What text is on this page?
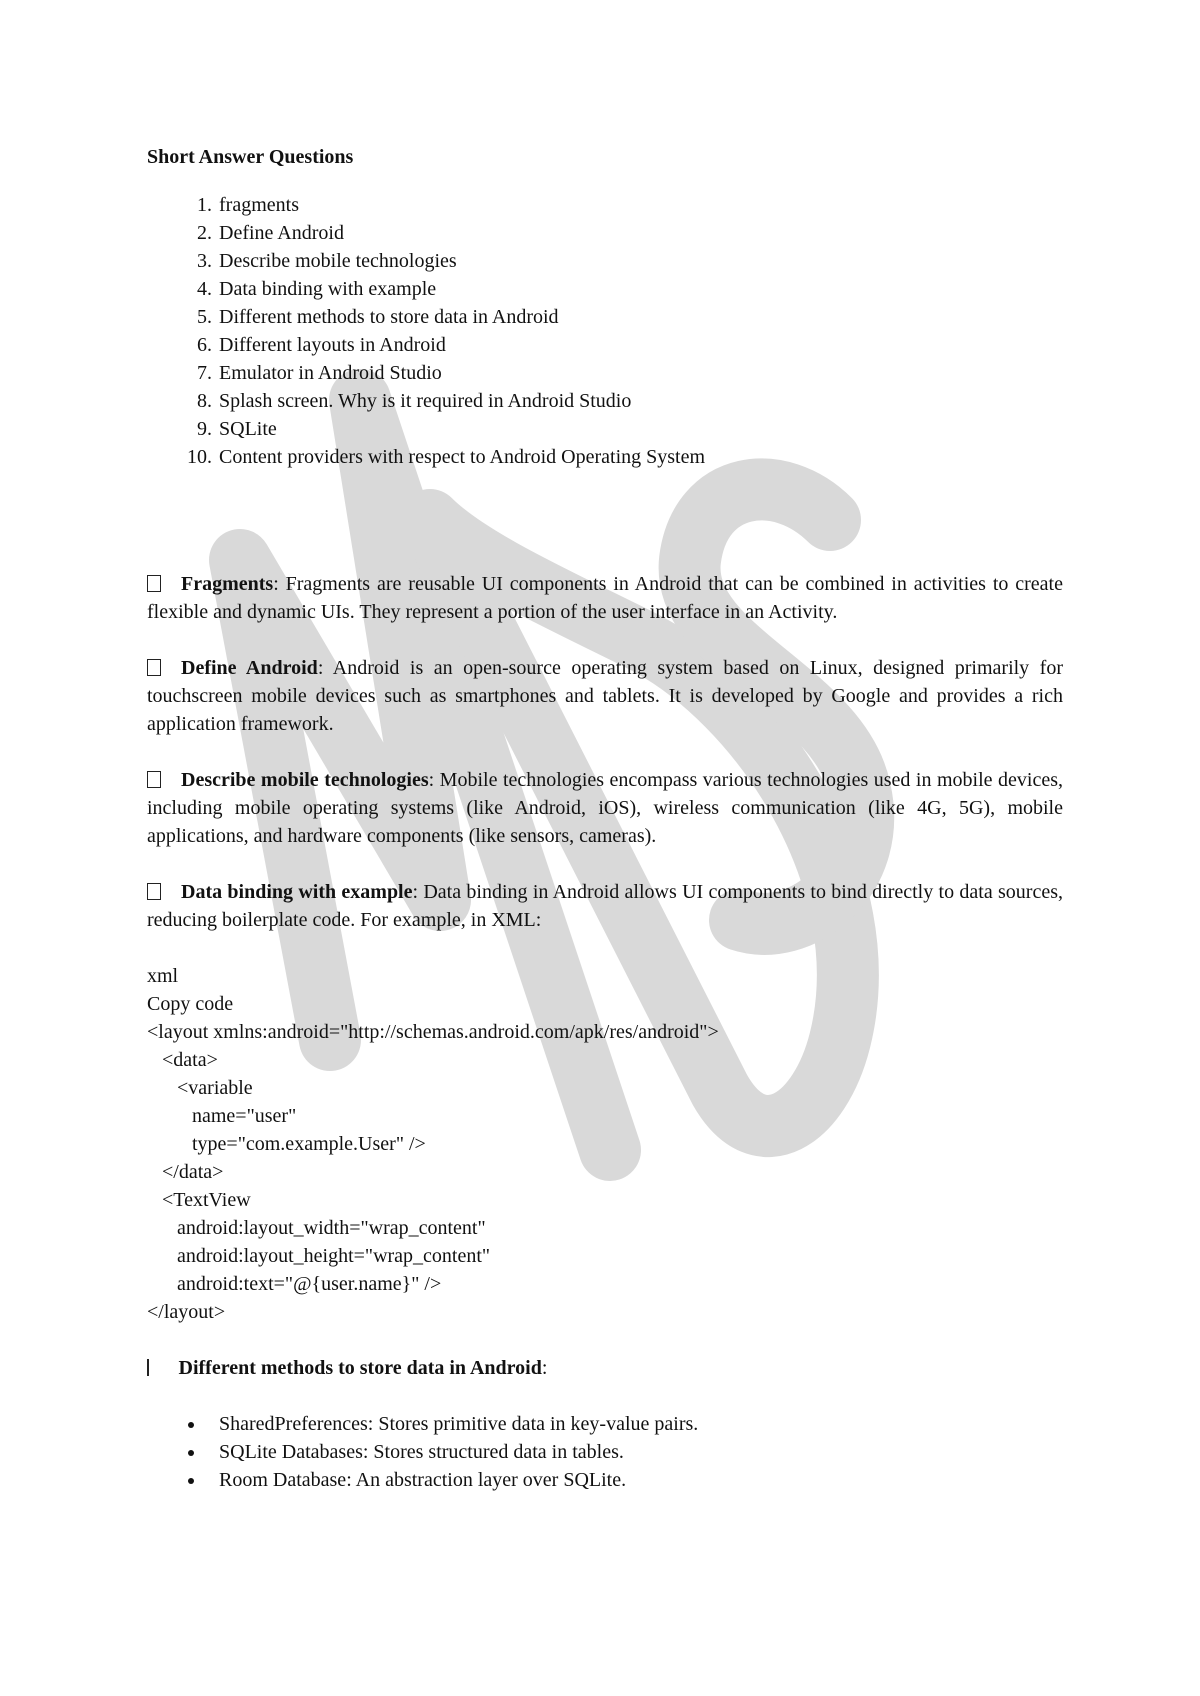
Short Answer Questions
1. fragments
2. Define Android
3. Describe mobile technologies
4. Data binding with example
5. Different methods to store data in Android
6. Different layouts in Android
7. Emulator in Android Studio
8. Splash screen. Why is it required in Android Studio
9. SQLite
10. Content providers with respect to Android Operating System

Fragments: Fragments are reusable UI components in Android that can be combined in activities to create flexible and dynamic UIs. They represent a portion of the user interface in an Activity.

Define Android: Android is an open-source operating system based on Linux, designed primarily for touchscreen mobile devices such as smartphones and tablets. It is developed by Google and provides a rich application framework.

Describe mobile technologies: Mobile technologies encompass various technologies used in mobile devices, including mobile operating systems (like Android, iOS), wireless communication (like 4G, 5G), mobile applications, and hardware components (like sensors, cameras).

Data binding with example: Data binding in Android allows UI components to bind directly to data sources, reducing boilerplate code. For example, in XML:

xml
Copy code
<layout xmlns:android="http://schemas.android.com/apk/res/android">
<data>
<variable
name="user"
type="com.example.User" />
</data>
<TextView
android:layout_width="wrap_content"
android:layout_height="wrap_content"
android:text="@{user.name}" />
</layout>

Different methods to store data in Android:

SharedPreferences: Stores primitive data in key-value pairs.
SQLite Databases: Stores structured data in tables.
Room Database: An abstraction layer over SQLite.
